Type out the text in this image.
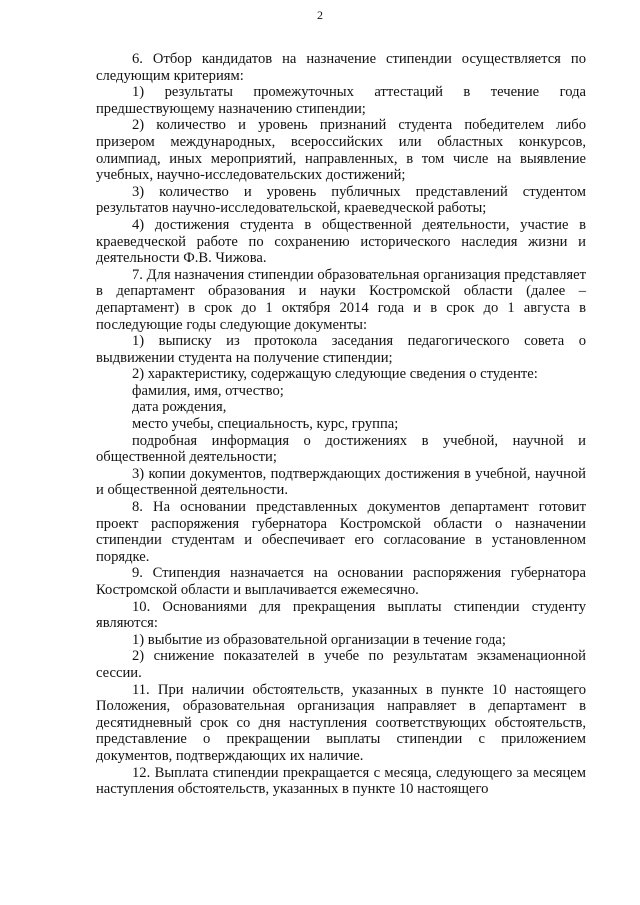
2

6. Отбор кандидатов на назначение стипендии осуществляется по следующим критериям:

1) результаты промежуточных аттестаций в течение года предшествующему назначению стипендии;

2) количество и уровень признаний студента победителем либо призером международных, всероссийских или областных конкурсов, олимпиад, иных мероприятий, направленных, в том числе на выявление учебных, научно-исследовательских достижений;

3) количество и уровень публичных представлений студентом результатов научно-исследовательской, краеведческой работы;

4) достижения студента в общественной деятельности, участие в краеведческой работе по сохранению исторического наследия жизни и деятельности Ф.В. Чижова.

7. Для назначения стипендии образовательная организация представляет в департамент образования и науки Костромской области (далее – департамент) в срок до 1 октября 2014 года и в срок до 1 августа в последующие годы следующие документы:

1) выписку из протокола заседания педагогического совета о выдвижении студента на получение стипендии;

2) характеристику, содержащую следующие сведения о студенте:

фамилия, имя, отчество;

дата рождения,

место учебы, специальность, курс, группа;

подробная информация о достижениях в учебной, научной и общественной деятельности;

3) копии документов, подтверждающих достижения в учебной, научной и общественной деятельности.

8. На основании представленных документов департамент готовит проект распоряжения губернатора Костромской области о назначении стипендии студентам и обеспечивает его согласование в установленном порядке.

9. Стипендия назначается на основании распоряжения губернатора Костромской области и выплачивается ежемесячно.

10. Основаниями для прекращения выплаты стипендии студенту являются:

1) выбытие из образовательной организации в течение года;

2) снижение показателей в учебе по результатам экзаменационной сессии.

11. При наличии обстоятельств, указанных в пункте 10 настоящего Положения, образовательная организация направляет в департамент в десятидневный срок со дня наступления соответствующих обстоятельств, представление о прекращении выплаты стипендии с приложением документов, подтверждающих их наличие.

12. Выплата стипендии прекращается с месяца, следующего за месяцем наступления обстоятельств, указанных в пункте 10 настоящего
